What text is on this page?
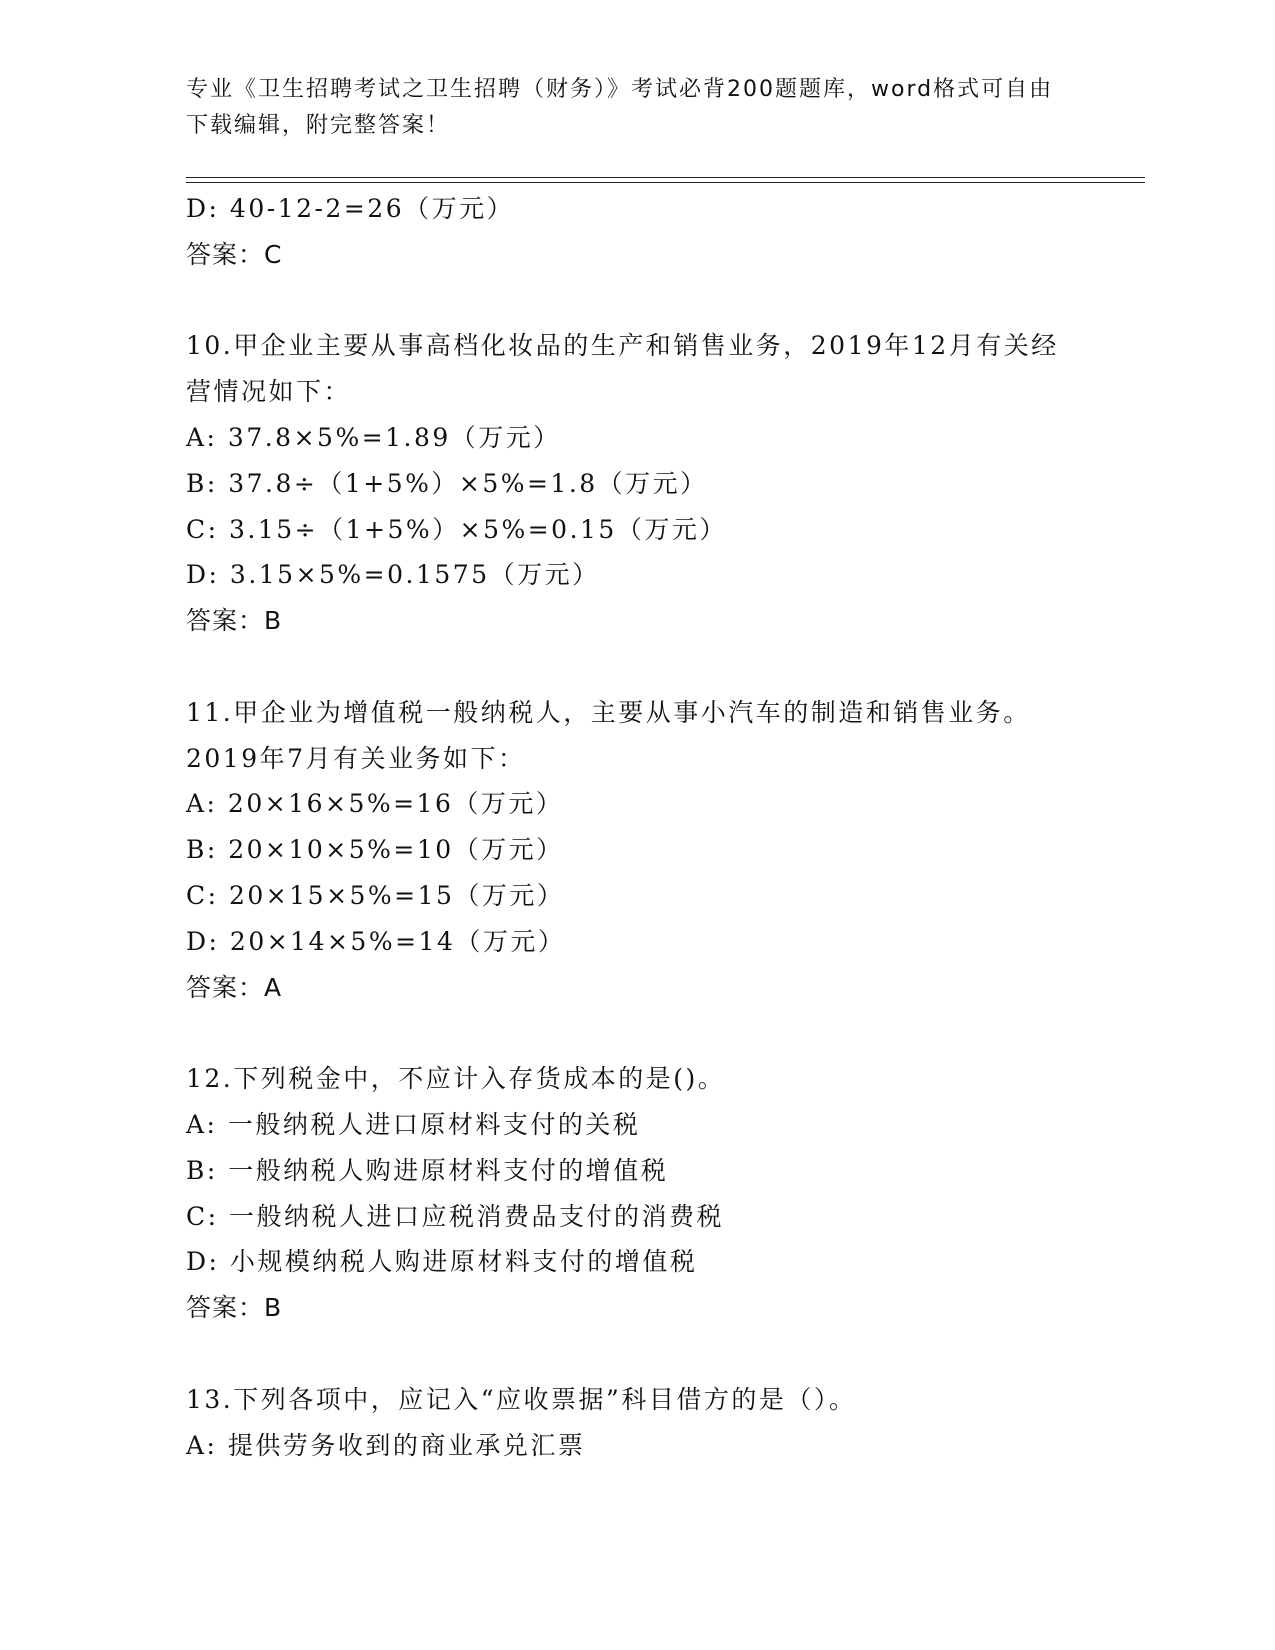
专业《卫生招聘考试之卫生招聘（财务）》考试必背200题题库，word格式可自由下载编辑，附完整答案！
D: 40-12-2=26（万元）
答案：C
10.甲企业主要从事高档化妆品的生产和销售业务，2019年12月有关经营情况如下：
A: 37.8×5%=1.89（万元）
B: 37.8÷（1+5%）×5%=1.8（万元）
C: 3.15÷（1+5%）×5%=0.15（万元）
D: 3.15×5%=0.1575（万元）
答案：B
11.甲企业为增值税一般纳税人，主要从事小汽车的制造和销售业务。2019年7月有关业务如下：
A: 20×16×5%=16（万元）
B: 20×10×5%=10（万元）
C: 20×15×5%=15（万元）
D: 20×14×5%=14（万元）
答案：A
12.下列税金中，不应计入存货成本的是()。
A: 一般纳税人进口原材料支付的关税
B: 一般纳税人购进原材料支付的增值税
C: 一般纳税人进口应税消费品支付的消费税
D: 小规模纳税人购进原材料支付的增值税
答案：B
13.下列各项中，应记入“应收票据”科目借方的是（）。
A: 提供劳务收到的商业承兑汇票
